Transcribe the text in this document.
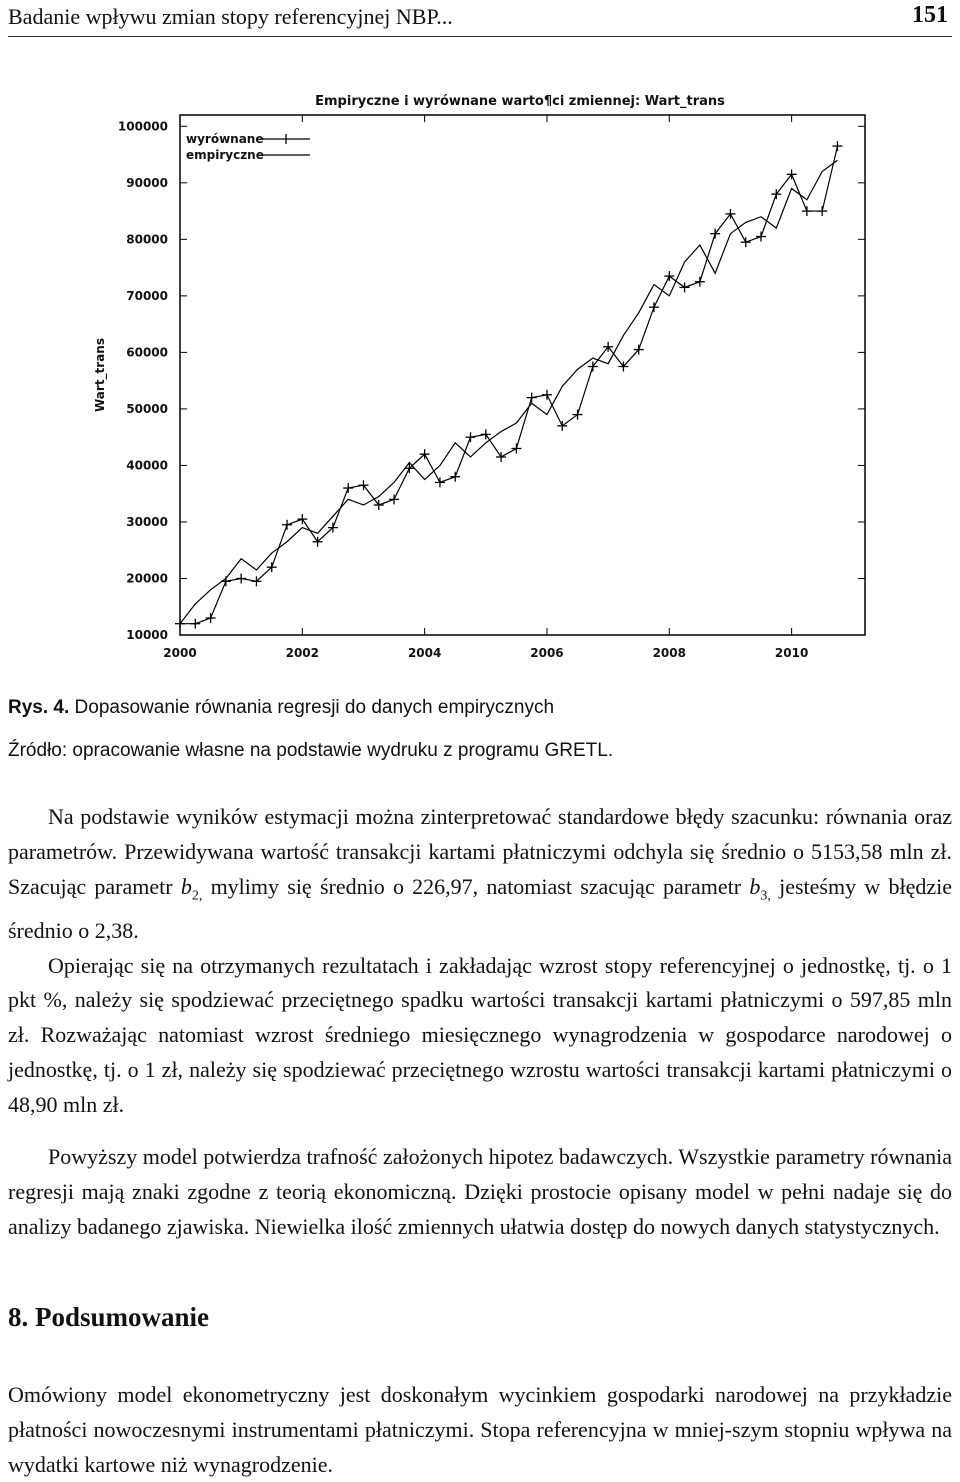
Badanie wpływu zmian stopy referencyjnej NBP...	151
Empiryczne i wyrównane warto¶ci zmiennej: Wart_trans
Wart_trans
10000
20000
30000
40000
50000
60000
70000
80000
90000
100000
2000	2002	2004	2006	2008	2010
wyrównane
empiryczne
Rys. 4. Dopasowanie równania regresji do danych empirycznych
Źródło: opracowanie własne na podstawie wydruku z programu GRETL.

Na podstawie wyników estymacji można zinterpretować standardowe błędy szacunku: równania oraz parametrów. Przewidywana wartość transakcji kartami płatniczymi odchyla się średnio o 5153,58 mln zł. Szacując parametr $b_{2,}$ mylimy się średnio o 226,97, natomiast szacując parametr $b_{3,}$ jesteśmy w błędzie średnio o 2,38.

Opierając się na otrzymanych rezultatach i zakładając wzrost stopy referencyjnej o jednostkę, tj. o 1 pkt %, należy się spodziewać przeciętnego spadku wartości transakcji kartami płatniczymi o 597,85 mln zł. Rozważając natomiast wzrost średniego miesięcznego wynagrodzenia w gospodarce narodowej o jednostkę, tj. o 1 zł, należy się spodziewać przeciętnego wzrostu wartości transakcji kartami płatniczymi o 48,90 mln zł.

Powyższy model potwierdza trafność założonych hipotez badawczych. Wszystkie parametry równania regresji mają znaki zgodne z teorią ekonomiczną. Dzięki prostocie opisany model w pełni nadaje się do analizy badanego zjawiska. Niewielka ilość zmiennych ułatwia dostęp do nowych danych statystycznych.

8. Podsumowanie

Omówiony model ekonometryczny jest doskonałym wycinkiem gospodarki narodowej na przykładzie płatności nowoczesnymi instrumentami płatniczymi. Stopa referencyjna w mniej-szym stopniu wpływa na wydatki kartowe niż wynagrodzenie.
